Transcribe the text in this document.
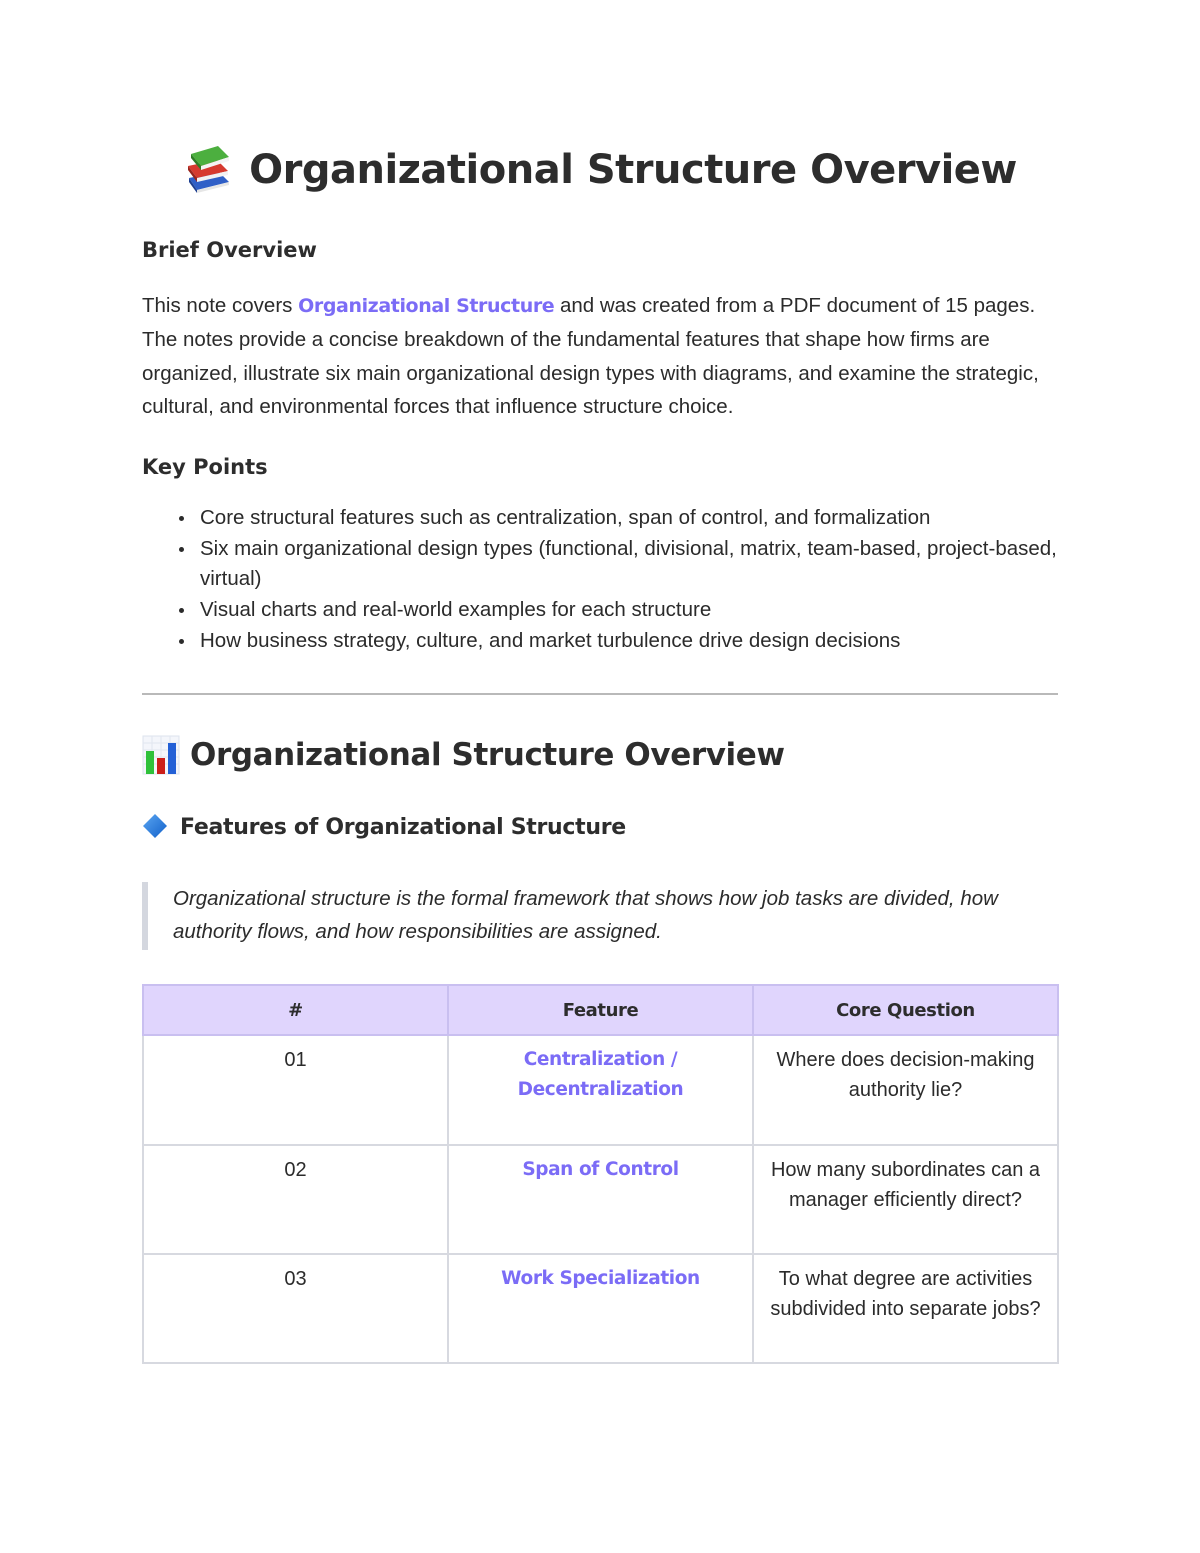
Organizational Structure Overview
Brief Overview
This note covers Organizational Structure and was created from a PDF document of 15 pages. The notes provide a concise breakdown of the fundamental features that shape how firms are organized, illustrate six main organizational design types with diagrams, and examine the strategic, cultural, and environmental forces that influence structure choice.
Key Points
Core structural features such as centralization, span of control, and formalization
Six main organizational design types (functional, divisional, matrix, team-based, project-based, virtual)
Visual charts and real-world examples for each structure
How business strategy, culture, and market turbulence drive design decisions
Organizational Structure Overview
Features of Organizational Structure

Organizational structure is the formal framework that shows how job tasks are divided, how authority flows, and how responsibilities are assigned.

#	Feature	Core Question
01	Centralization / Decentralization	Where does decision-making authority lie?
02	Span of Control	How many subordinates can a manager efficiently direct?
03	Work Specialization	To what degree are activities subdivided into separate jobs?
